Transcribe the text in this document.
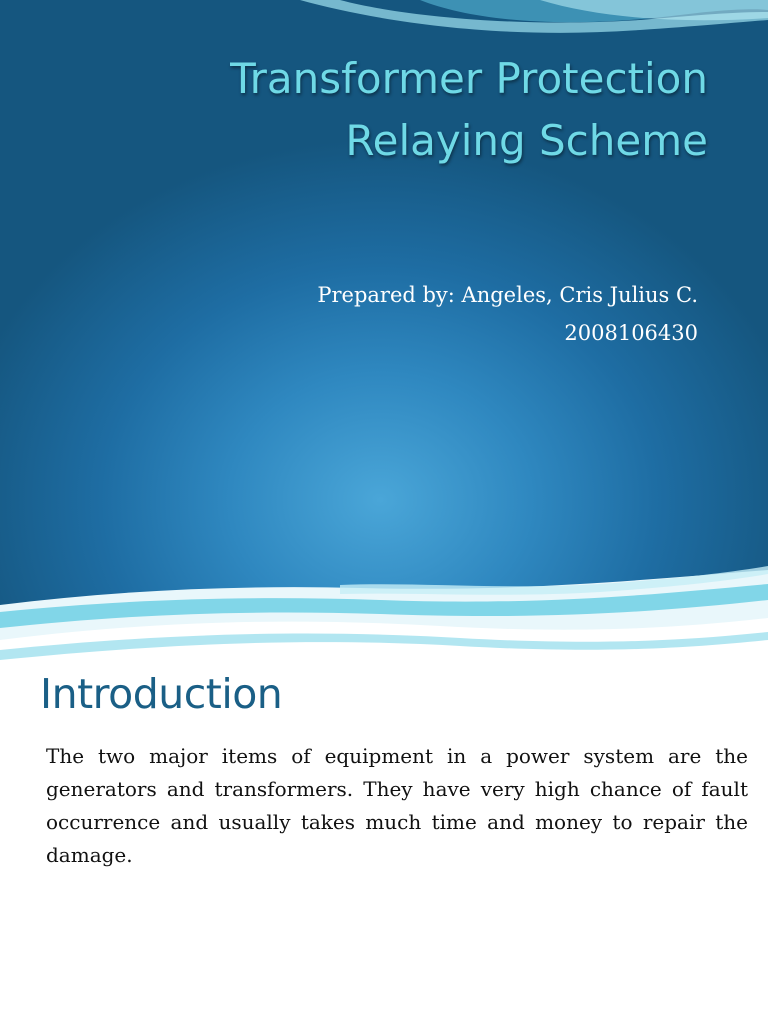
Transformer Protection
Relaying Scheme
Prepared by: Angeles, Cris Julius C.
2008106430
Introduction

The two major items of equipment in a power system are the generators and transformers. They have very high chance of fault occurrence and usually takes much time and money to repair the damage.
